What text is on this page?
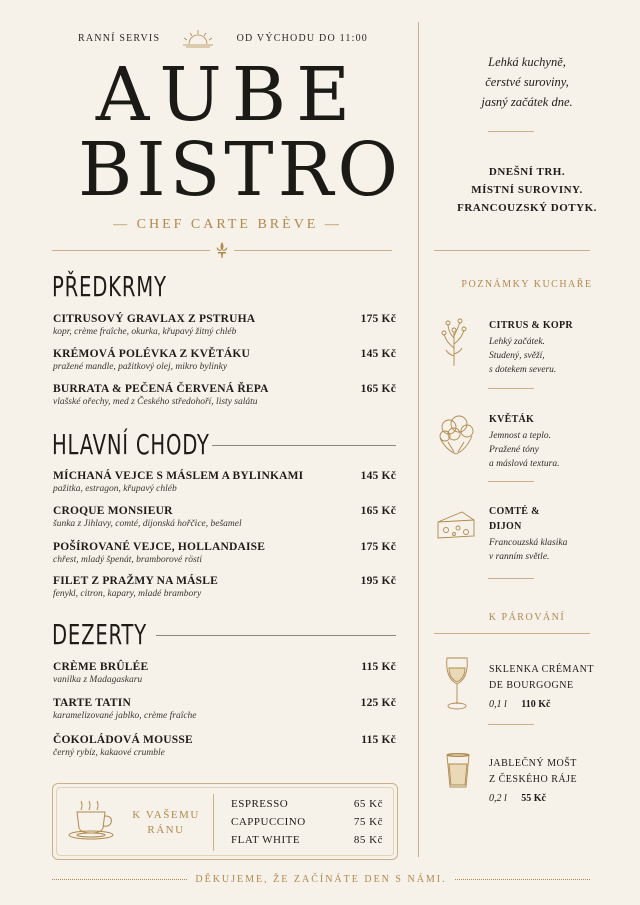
RANNÍ SERVIS	OD VÝCHODU DO 11:00
AUBE
BISTRO
— CHEF CARTE BRÈVE —
PŘEDKRMY
CITRUSOVÝ GRAVLAX Z PSTRUHA	175 Kč
kopr, crème fraîche, okurka, křupavý žitný chléb
KRÉMOVÁ POLÉVKA Z KVĚTÁKU	145 Kč
pražené mandle, pažitkový olej, mikro bylinky
BURRATA & PEČENÁ ČERVENÁ ŘEPA	165 Kč
vlašské ořechy, med z Českého středohoří, listy salátu
HLAVNÍ CHODY
MÍCHANÁ VEJCE S MÁSLEM A BYLINKAMI	145 Kč
pažitka, estragon, křupavý chléb
CROQUE MONSIEUR	165 Kč
šunka z Jihlavy, comté, dijonská hořčice, bešamel
POŠÍROVANÉ VEJCE, HOLLANDAISE	175 Kč
chřest, mladý špenát, bramborové rösti
FILET Z PRAŽMY NA MÁSLE	195 Kč
fenykl, citron, kapary, mladé brambory
DEZERTY
CRÈME BRÛLÉE	115 Kč
vanilka z Madagaskaru
TARTE TATIN	125 Kč
karamelizované jablko, crème fraîche
ČOKOLÁDOVÁ MOUSSE	115 Kč
černý rybíz, kakaové crumble
K VAŠEMU
RÁNU
ESPRESSO	65 Kč
CAPPUCCINO	75 Kč
FLAT WHITE	85 Kč
DĚKUJEME, ŽE ZAČÍNÁTE DEN S NÁMI.
Lehká kuchyně,
čerstvé suroviny,
jasný začátek dne.
DNEŠNÍ TRH.
MÍSTNÍ SUROVINY.
FRANCOUZSKÝ DOTYK.
POZNÁMKY KUCHAŘE
CITRUS & KOPR
Lehký začátek.
Studený, svěží,
s dotekem severu.
KVĚTÁK
Jemnost a teplo.
Pražené tóny
a máslová textura.
COMTÉ &
DIJON
Francouzská klasika
v ranním světle.
K PÁROVÁNÍ
SKLENKA CRÉMANT
DE BOURGOGNE
0,1 l 110 Kč
JABLEČNÝ MOŠT
Z ČESKÉHO RÁJE
0,2 l 55 Kč
